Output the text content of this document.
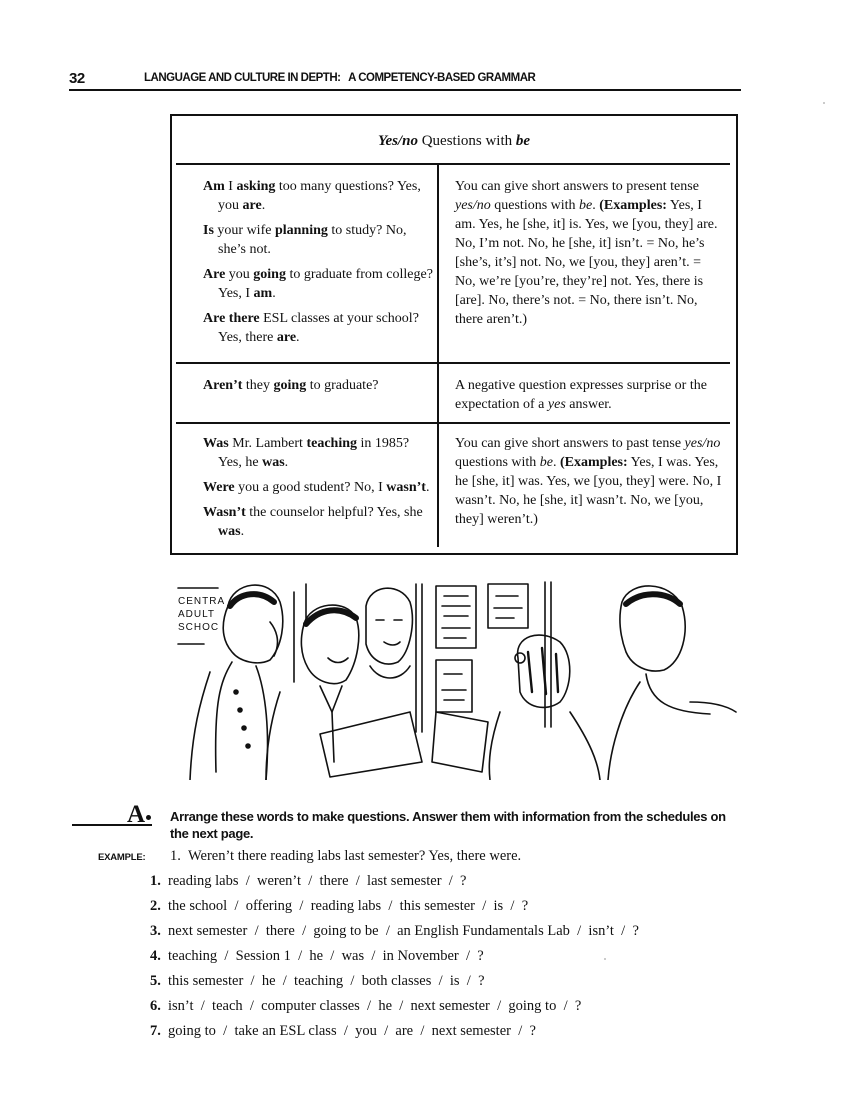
32	LANGUAGE AND CULTURE IN DEPTH:   A COMPETENCY-BASED GRAMMAR
Yes/no Questions with be

Am I asking too many questions? Yes, you are.

Is your wife planning to study? No, she’s not.

Are you going to graduate from college? Yes, I am.

Are there ESL classes at your school? Yes, there are.

You can give short answers to present tense yes/no questions with be. (Examples: Yes, I am. Yes, he [she, it] is. Yes, we [you, they] are. No, I’m not. No, he [she, it] isn’t. = No, he’s [she’s, it’s] not. No, we [you, they] aren’t. = No, we’re [you’re, they’re] not. Yes, there is [are]. No, there’s not. = No, there isn’t. No, there aren’t.)

Aren’t they going to graduate?	A negative question expresses surprise or the expectation of a yes answer.

Was Mr. Lambert teaching in 1985? Yes, he was.

Were you a good student? No, I wasn’t.

Wasn’t the counselor helpful? Yes, she was.

You can give short answers to past tense yes/no questions with be. (Examples: Yes, I was. Yes, he [she, it] was. Yes, we [you, they] were. No, I wasn’t. No, he [she, it] wasn’t. No, we [you, they] weren’t.)

CENTRA
ADULT
SCHOC
A Arrange these words to make questions. Answer them with information from the schedules on the next page.
EXAMPLE: 1. Weren’t there reading labs last semester? Yes, there were.
1. reading labs  /  weren’t  /  there  /  last semester  /  ?
2. the school  /  offering  /  reading labs  /  this semester  /  is  /  ?
3. next semester  /  there  /  going to be  /  an English Fundamentals Lab  /  isn’t  /  ?
4. teaching  /  Session 1  /  he  /  was  /  in November  /  ?
5. this semester  /  he  /  teaching  /  both classes  /  is  /  ?
6. isn’t  /  teach  /  computer classes  /  he  /  next semester  /  going to  /  ?
7. going to  /  take an ESL class  /  you  /  are  /  next semester  /  ?
